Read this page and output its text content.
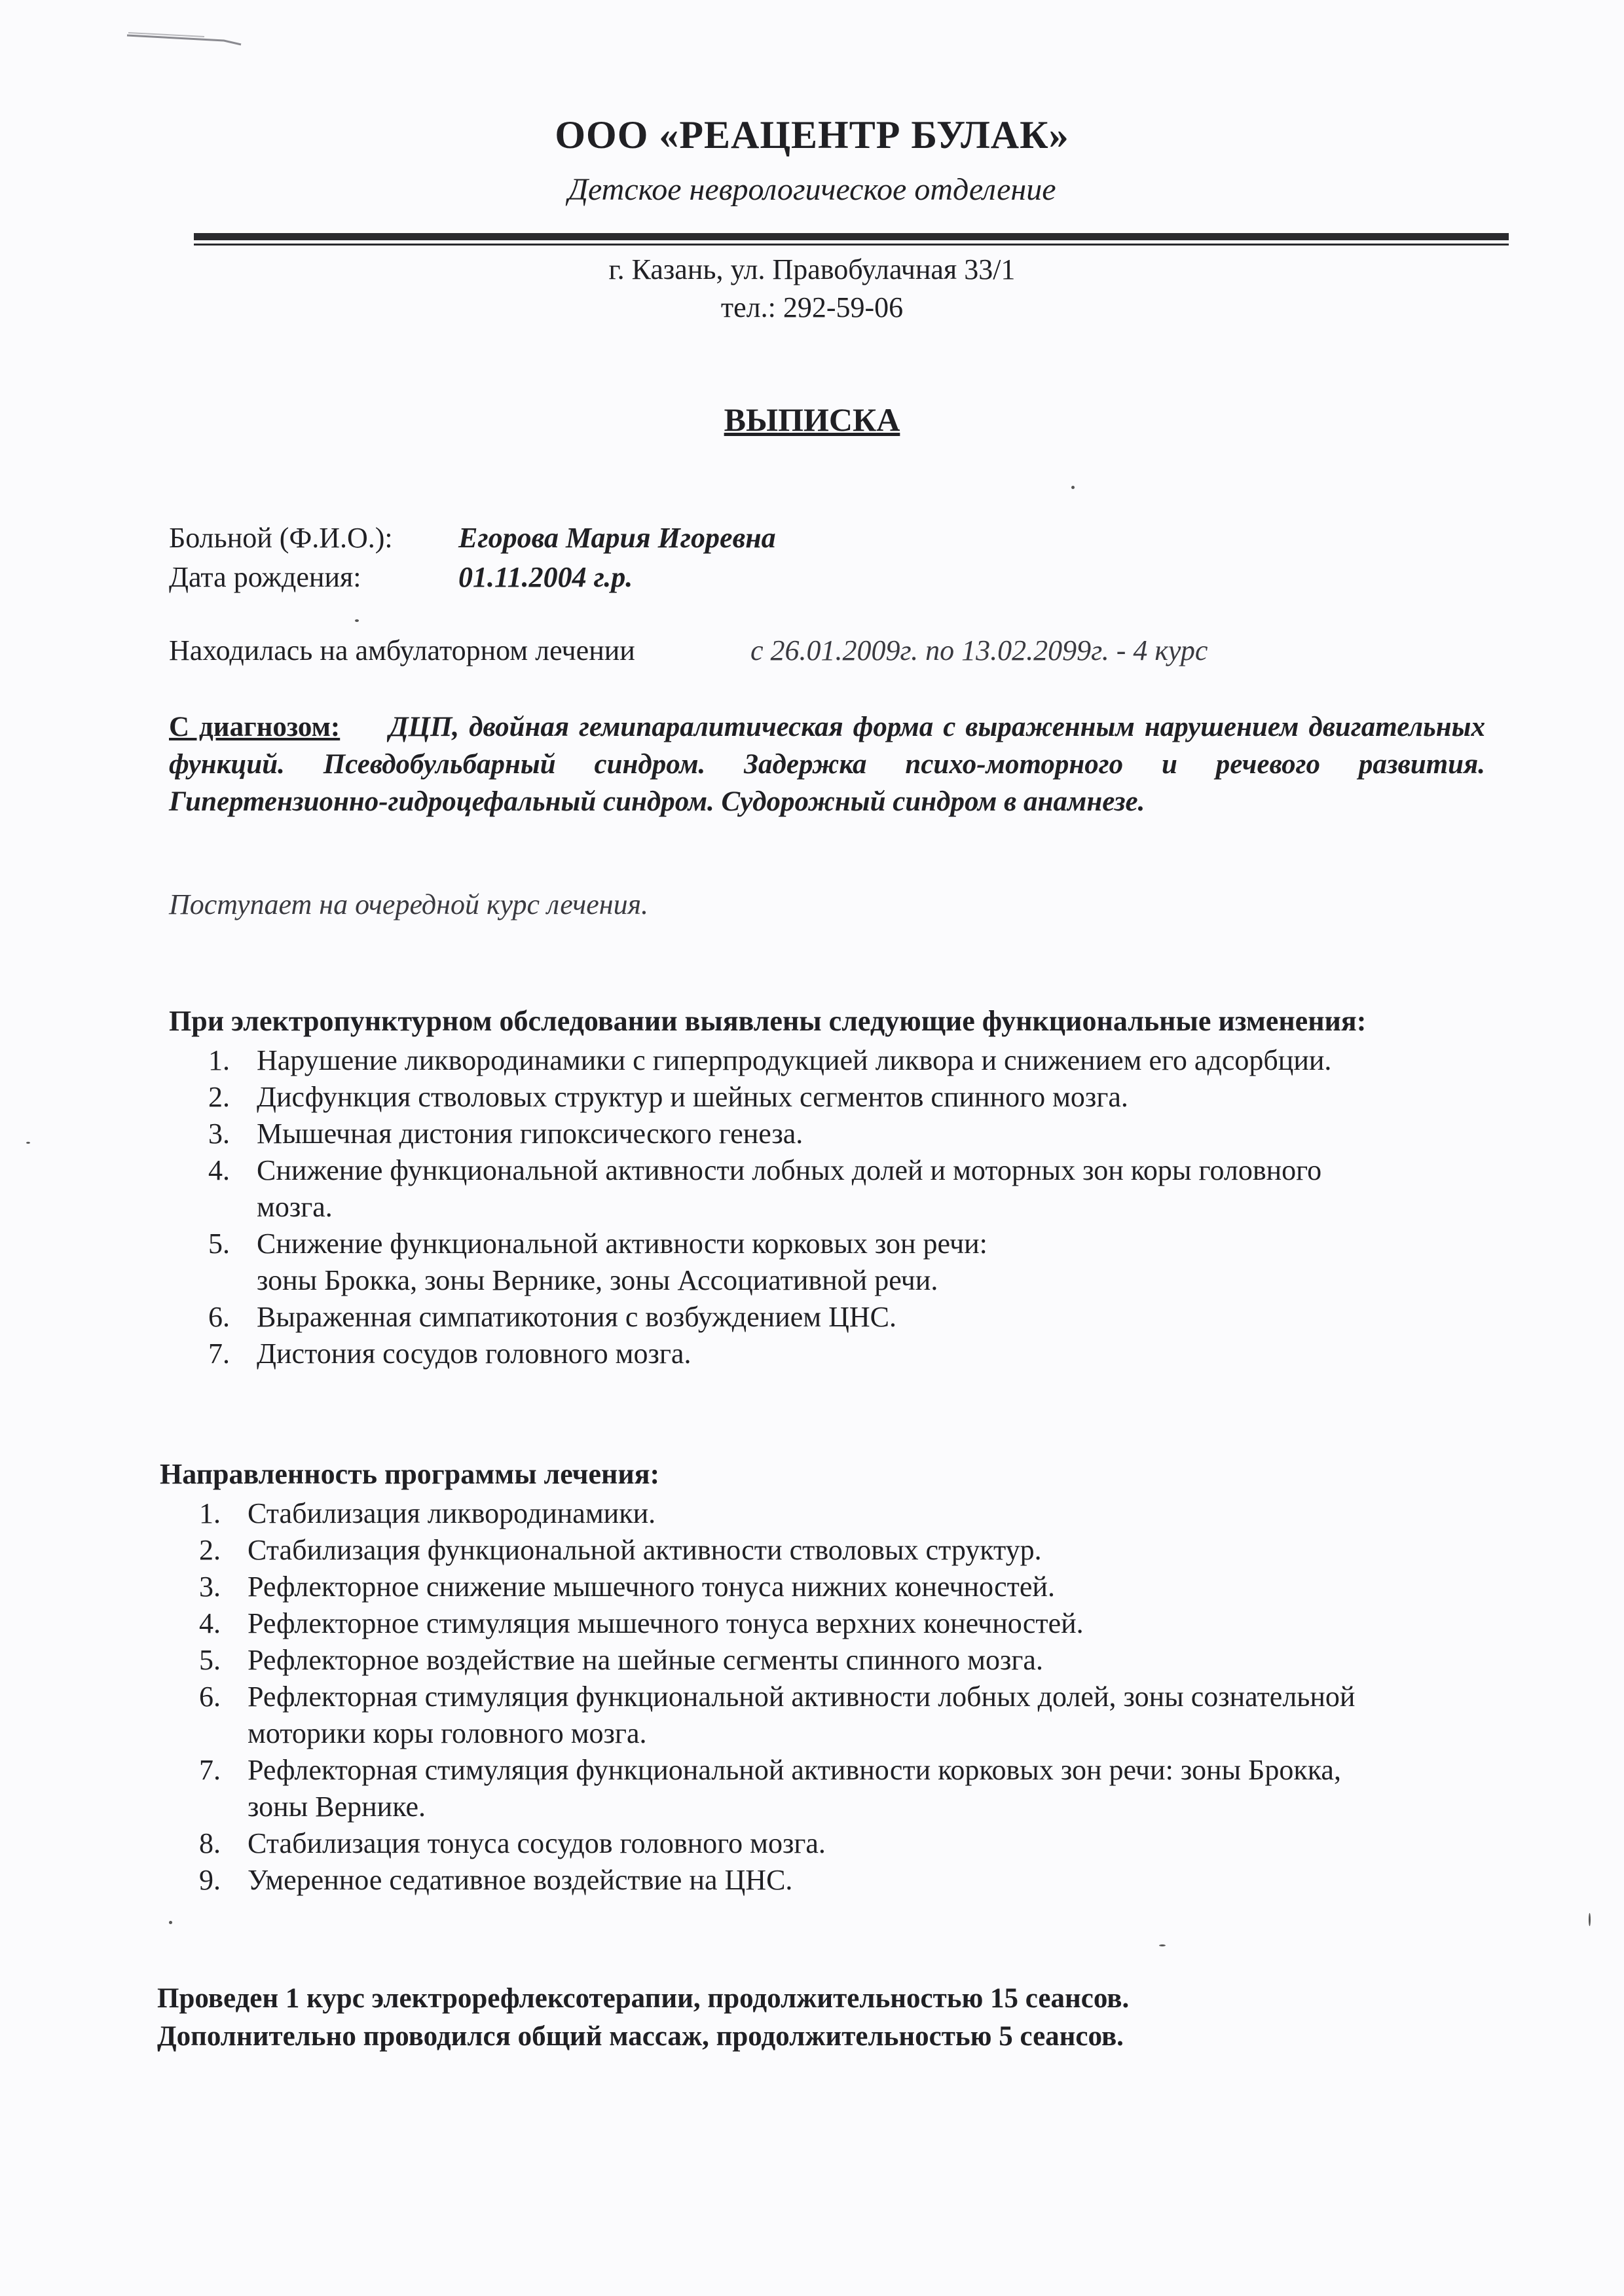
ООО «РЕАЦЕНТР БУЛАК»
Детское неврологическое отделение
г. Казань, ул. Правобулачная 33/1
тел.: 292-59-06
ВЫПИСКА
Больной (Ф.И.О.): Егорова Мария Игоревна
Дата рождения:	01.11.2004 г.р.
Находилась на амбулаторном лечении	с 26.01.2009г. по 13.02.2099г. - 4 курс
С диагнозом: ДЦП, двойная гемипаралитическая форма с выраженным нарушением двигательных функций. Псевдобульбарный синдром. Задержка психо-моторного и речевого развития. Гипертензионно-гидроцефальный синдром. Судорожный синдром в анамнезе.
Поступает на очередной курс лечения.
При электропунктурном обследовании выявлены следующие функциональные изменения:
1. Нарушение ликвородинамики с гиперпродукцией ликвора и снижением его адсорбции.
2. Дисфункция стволовых структур и шейных сегментов спинного мозга.
3. Мышечная дистония гипоксического генеза.
4. Снижение функциональной активности лобных долей и моторных зон коры головного
мозга.
5. Снижение функциональной активности корковых зон речи:
зоны Брокка, зоны Вернике, зоны Ассоциативной речи.
6. Выраженная симпатикотония с возбуждением ЦНС.
7. Дистония сосудов головного мозга.
Направленность программы лечения:
1. Стабилизация ликвородинамики.
2. Стабилизация функциональной активности стволовых структур.
3. Рефлекторное снижение мышечного тонуса нижних конечностей.
4. Рефлекторное стимуляция мышечного тонуса верхних конечностей.
5. Рефлекторное воздействие на шейные сегменты спинного мозга.
6. Рефлекторная стимуляция функциональной активности лобных долей, зоны сознательной
моторики коры головного мозга.
7. Рефлекторная стимуляция функциональной активности корковых зон речи: зоны Брокка,
зоны Вернике.
8. Стабилизация тонуса сосудов головного мозга.
9. Умеренное седативное воздействие на ЦНС.
Проведен 1 курс электрорефлексотерапии, продолжительностью 15 сеансов.
Дополнительно проводился общий массаж, продолжительностью 5 сеансов.
